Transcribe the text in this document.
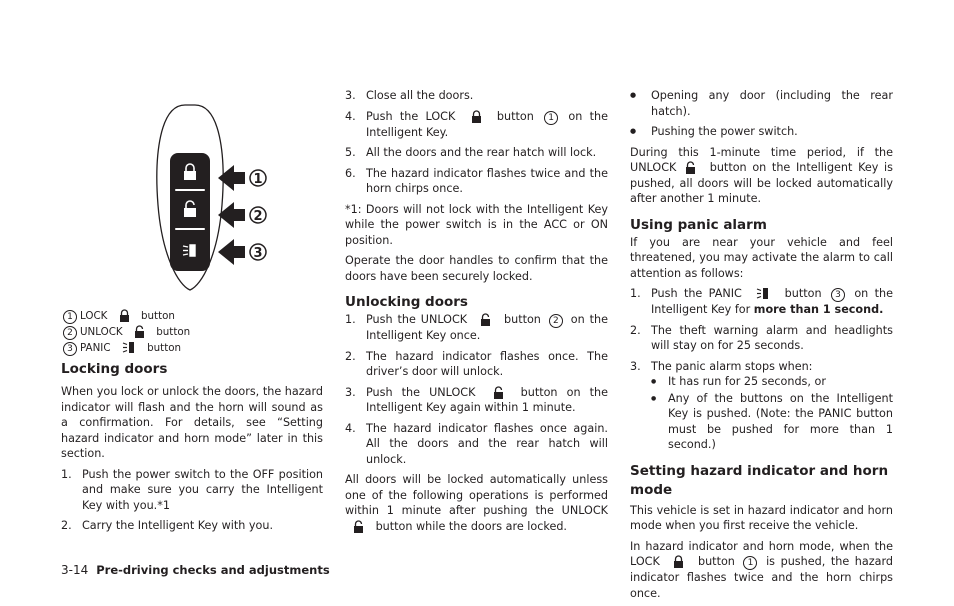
1
2
3
1 LOCK	button
2 UNLOCK	button
3 PANIC	button
Locking doors

When you lock or unlock the doors, the hazard indicator will flash and the horn will sound as a confirmation. For details, see “Setting hazard indicator and horn mode” later in this section.

1. Push the power switch to the OFF position and make sure you carry the Intelligent Key with you.*1
2. Carry the Intelligent Key with you.
3. Close all the doors.
4. Push the LOCK	button 1 on the Intelligent Key.
5. All the doors and the rear hatch will lock.
6. The hazard indicator flashes twice and the horn chirps once.

*1: Doors will not lock with the Intelligent Key while the power switch is in the ACC or ON position.

Operate the door handles to confirm that the doors have been securely locked.

Unlocking doors
1. Push the UNLOCK	button 2 on the Intelligent Key once.
2. The hazard indicator flashes once. The driver’s door will unlock.
3. Push the UNLOCK	button on the Intelligent Key again within 1 minute.
4. The hazard indicator flashes once again. All the doors and the rear hatch will unlock.

All doors will be locked automatically unless one of the following operations is performed within 1 minute after pushing the UNLOCK  button while the doors are locked.

● Opening any door (including the rear hatch).
● Pushing the power switch.

During this 1-minute time period, if the UNLOCK	button on the Intelligent Key is pushed, all doors will be locked automatically after another 1 minute.

Using panic alarm

If you are near your vehicle and feel threatened, you may activate the alarm to call attention as follows:

1. Push the PANIC	button 3 on the Intelligent Key for more than 1 second.
2. The theft warning alarm and headlights will stay on for 25 seconds.
3. The panic alarm stops when:
● It has run for 25 seconds, or
● Any of the buttons on the Intelligent Key is pushed. (Note: the PANIC button must be pushed for more than 1 second.)
Setting hazard indicator and horn mode

This vehicle is set in hazard indicator and horn mode when you first receive the vehicle.

In hazard indicator and horn mode, when the LOCK	button 1 is pushed, the hazard indicator flashes twice and the horn chirps once.

3-14 Pre-driving checks and adjustments
